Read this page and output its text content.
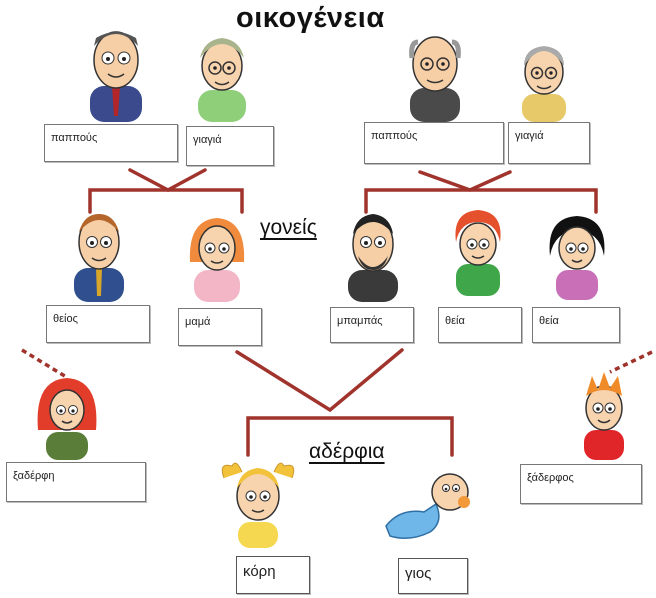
οικογένεια
γονείς
αδέρφια
παππούς	γιαγιά	παππούς	γιαγιά
θείος	μαμά	μπαμπάς	θεία	θεία
ξαδέρφη	ξάδερφος
κόρη	γιος
